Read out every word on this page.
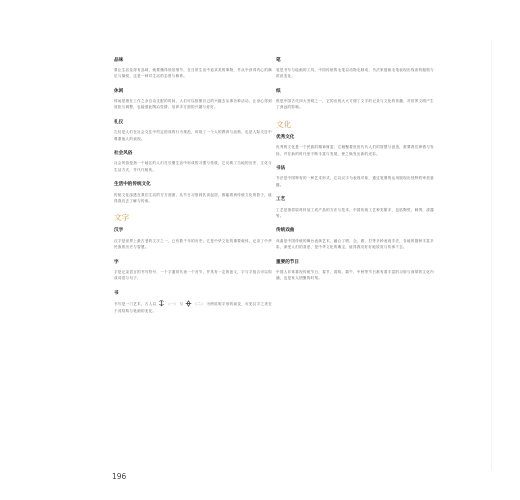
品味

要让生活变得有品味，就要懂得欣赏细节，在日常生活中追求美的事物，并从中获得内心的满足与愉悦，这是一种对生活的态度与修养。

休闲

休闲是指在工作之余自由支配的时间，人们可以按照自己的兴趣去从事各种活动，让身心得到放松与调整，也能借此陶冶性情，培养多方面的兴趣与爱好。

礼仪

礼仪是人们在社会交往中约定俗成的行为规范，体现了一个人的教养与品格，也是人际交往中尊重他人的表现。

社会风俗

社会风俗是指一个地区的人们在长期生活中形成的习惯与传统，它反映了当地的历史、文化与生活方式，并代代相传。

生活中的传统文化

传统文化渗透在我们生活的方方面面，从节日习俗到饮食起居，都能看到传统文化的影子，值得我们去了解与传承。

文字
汉字

汉字是世界上最古老的文字之一，已有数千年的历史，它是中华文化的重要载体，记录了中华民族的历史与智慧。

字

字是记录语言的书写符号，一个字通常代表一个音节，并具有一定的意义，字与字组合可以构成词语与句子。

书

书写是一门艺术，古人以	（一） 与	（二） 为例说明字形的演变，可见汉字之美在于其结构与笔画的变化。

笔

笔是书写与绘画的工具，中国传统的毛笔以动物毛制成，书法家借助毛笔表现出线条的粗细与浓淡变化。

纸

纸是中国古代四大发明之一，它的出现大大方便了文字的记录与文化的传播，对世界文明产生了深远的影响。

文化
优秀文化

优秀的文化是一个民族的精神财富，它凝聚着世世代代人们的智慧与创造，需要我们珍惜与发扬，并在新的时代里不断丰富与发展，使之焕发出新的光彩。

书法

书法是中国特有的一种艺术形式，它以汉字为表现对象，通过笔墨的运用展现出独特的审美意趣。

工艺

工艺是指将原材料加工成产品的方法与技术，中国传统工艺种类繁多，包括陶瓷、刺绣、漆器等。

传统戏曲

戏曲是中国传统的舞台表演艺术，融合了唱、念、做、打等多种表现手法，各地的剧种丰富多彩，深受人们的喜爱，是中华文化的瑰宝，值得我们好好地欣赏与传承下去。

重要的节日

中国人非常重视传统节日，春节、清明、端午、中秋等节日都有着丰富的习俗与深厚的文化内涵，也是家人团聚的时刻。

196
